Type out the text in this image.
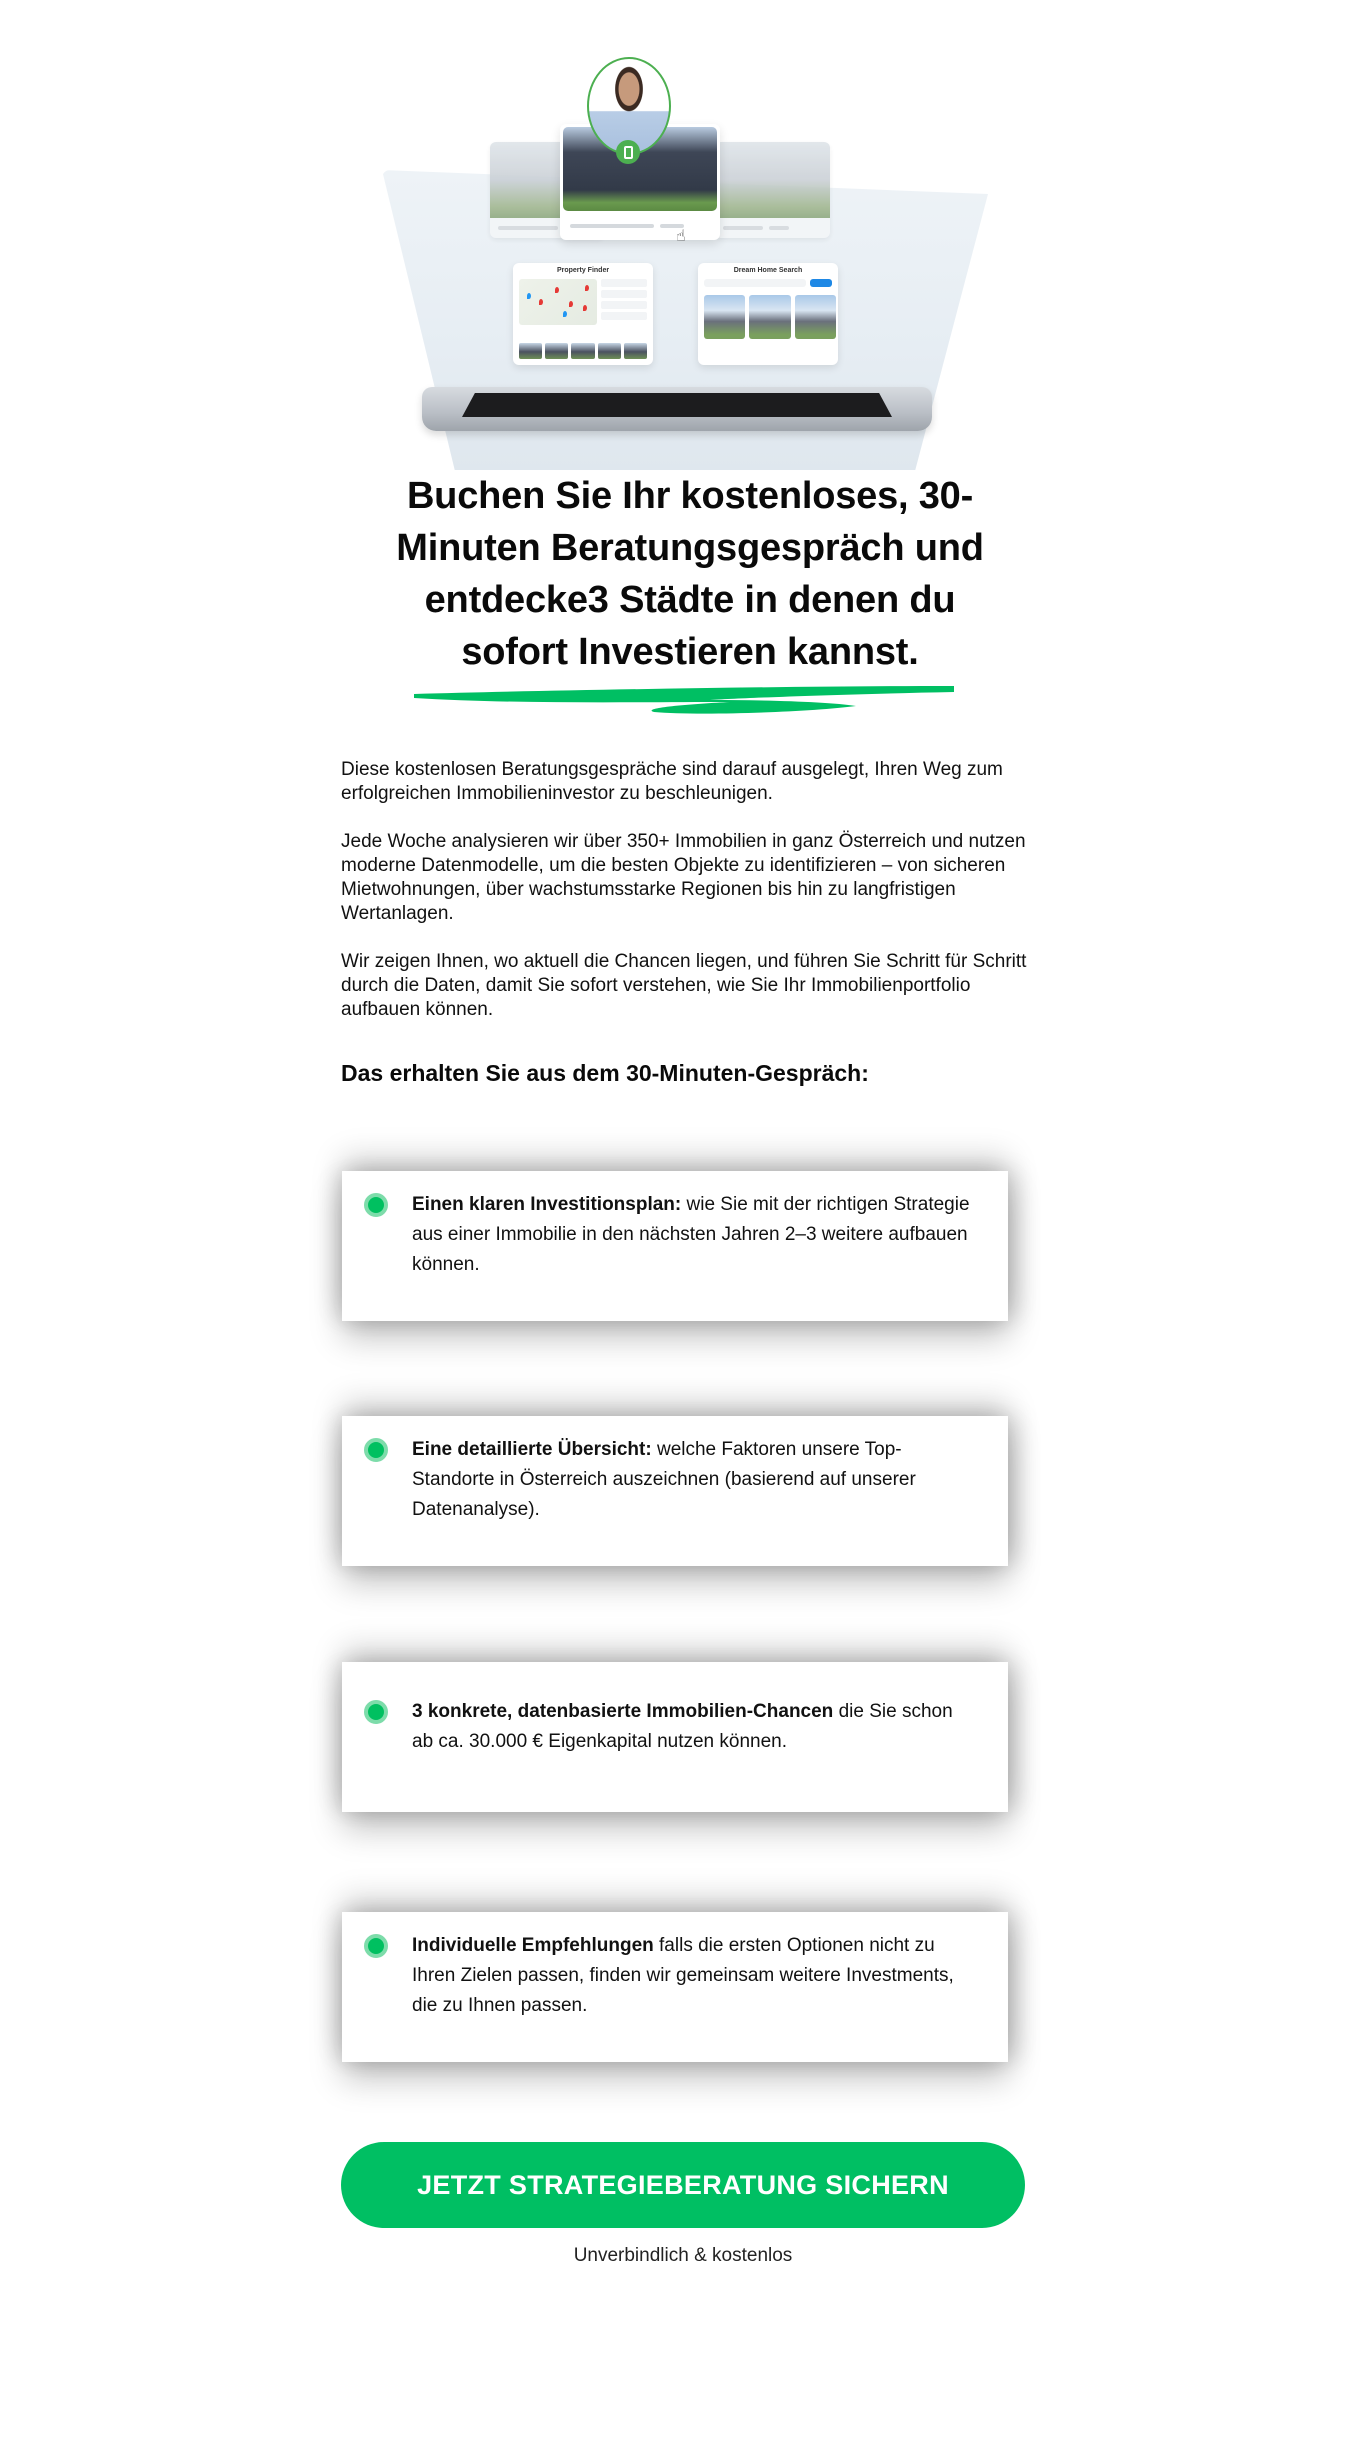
☝
Property Finder	Dream Home Search
Buchen Sie Ihr kostenloses, 30-
Minuten Beratungsgespräch und
entdecke3 Städte in denen du
sofort Investieren kannst.

Diese kostenlosen Beratungsgespräche sind darauf ausgelegt, Ihren Weg zum erfolgreichen Immobilieninvestor zu beschleunigen.

Jede Woche analysieren wir über 350+ Immobilien in ganz Österreich und nutzen moderne Datenmodelle, um die besten Objekte zu identifizieren – von sicheren Mietwohnungen, über wachstumsstarke Regionen bis hin zu langfristigen Wertanlagen.

Wir zeigen Ihnen, wo aktuell die Chancen liegen, und führen Sie Schritt für Schritt durch die Daten, damit Sie sofort verstehen, wie Sie Ihr Immobilienportfolio aufbauen können.

Das erhalten Sie aus dem 30-Minuten-Gespräch:
Einen klaren Investitionsplan: wie Sie mit der richtigen Strategie aus einer Immobilie in den nächsten Jahren 2–3 weitere aufbauen können.
Eine detaillierte Übersicht: welche Faktoren unsere Top-Standorte in Österreich auszeichnen (basierend auf unserer Datenanalyse).
3 konkrete, datenbasierte Immobilien-Chancen die Sie schon ab ca. 30.000 € Eigenkapital nutzen können.
Individuelle Empfehlungen falls die ersten Optionen nicht zu Ihren Zielen passen, finden wir gemeinsam weitere Investments, die zu Ihnen passen.
JETZT STRATEGIEBERATUNG SICHERN
Unverbindlich & kostenlos
